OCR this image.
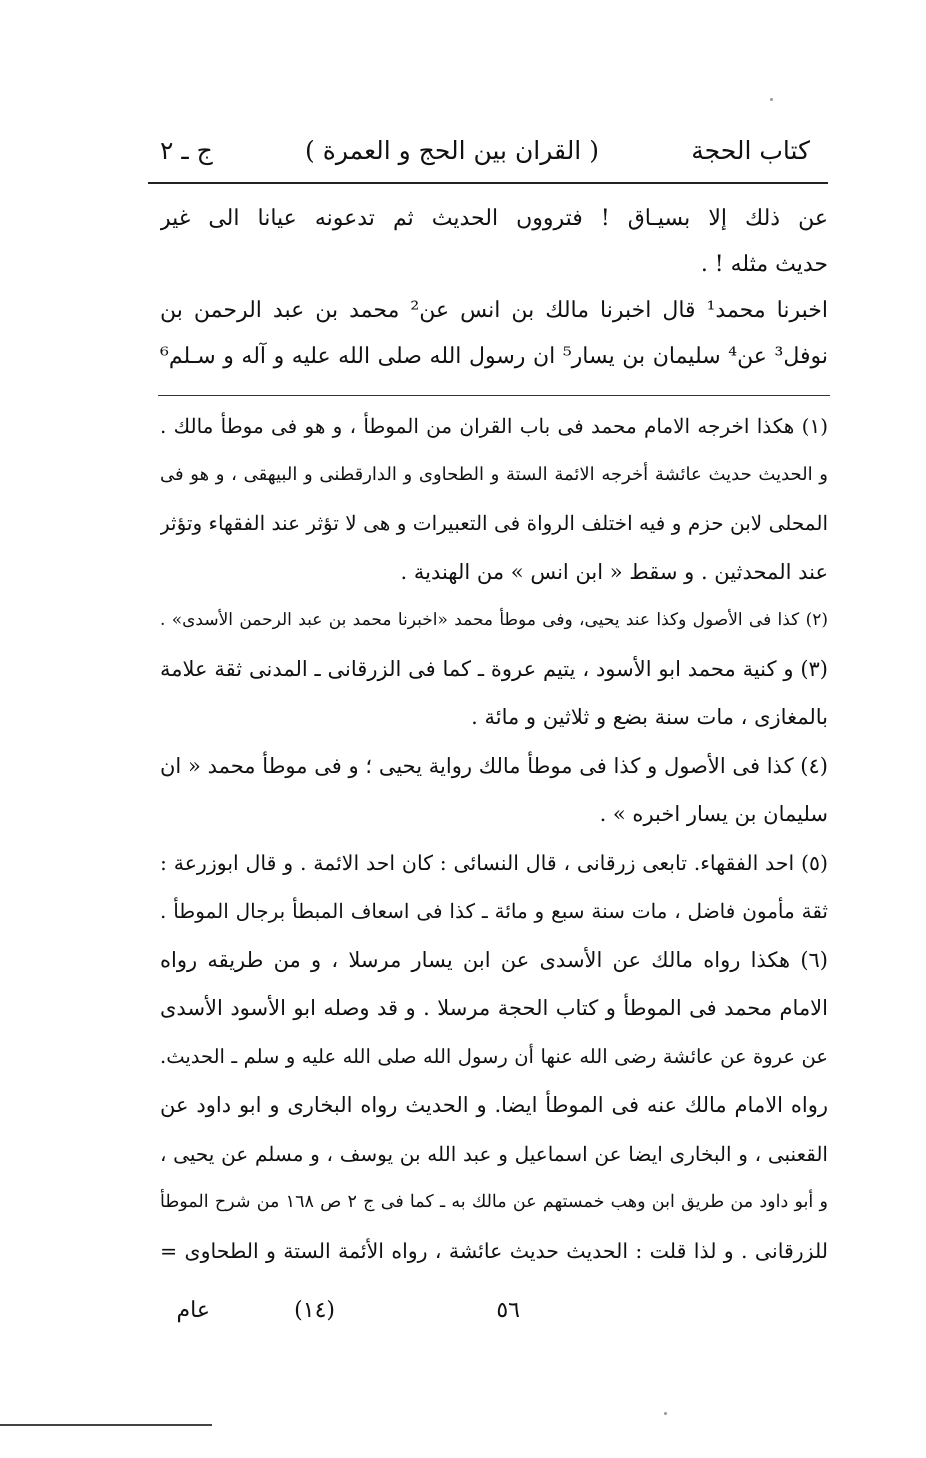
كتاب الحجة
( القران بين الحج و العمرة )
ج ـ ٢
عن ذلك إلا بسيـاق ! فترووں الحديث ثم تدعونه عيانا الى غير
حديث مثله ! .
اخبرنا محمد¹ قال اخبرنا مالك بن انس عن² محمد بن عبد الرحمن بن
نوفل³ عن⁴ سليمان بن يسار⁵ ان رسول الله صلى الله عليه و آله و سـلم⁶
(١) هكذا اخرجه الامام محمد فى باب القران من الموطأ ، و هو فى موطأ مالك .
و الحديث حديث عائشة أخرجه الائمة الستة و الطحاوى و الدارقطنى و البيهقى ، و هو فى
المحلى لابن حزم و فيه اختلف الرواة فى التعبيرات و هى لا تؤثر عند الفقهاء وتؤثر
عند المحدثين . و سقط « ابن انس » من الهندية .
(٢) كذا فى الأصول وكذا عند يحيى، وفى موطأ محمد «اخبرنا محمد بن عبد الرحمن الأسدى» .
(٣) و كنية محمد ابو الأسود ، يتيم عروة ـ كما فى الزرقانى ـ المدنى ثقة علامة
بالمغازى ، مات سنة بضع و ثلاثين و مائة .
(٤) كذا فى الأصول و كذا فى موطأ مالك رواية يحيى ؛ و فى موطأ محمد « ان
سليمان بن يسار اخبره » .
(٥) احد الفقهاء. تابعى زرقانى ، قال النسائى : كان احد الائمة . و قال ابوزرعة :
ثقة مأمون فاضل ، مات سنة سبع و مائة ـ كذا فى اسعاف المبطأ برجال الموطأ .
(٦) هكذا رواه مالك عن الأسدى عن ابن يسار مرسلا ، و من طريقه رواه
الامام محمد فى الموطأ و كتاب الحجة مرسلا . و قد وصله ابو الأسود الأسدى
عن عروة عن عائشة رضى الله عنها أن رسول الله صلى الله عليه و سلم ـ الحديث.
رواه الامام مالك عنه فى الموطأ ايضا. و الحديث رواه البخارى و ابو داود عن
القعنبى ، و البخارى ايضا عن اسماعيل و عبد الله بن يوسف ، و مسلم عن يحيى ،
و أبو داود من طريق ابن وهب خمستهم عن مالك به ـ كما فى ج ٢ ص ١٦٨ من شرح الموطأ
للزرقانى . و لذا قلت : الحديث حديث عائشة ، رواه الأئمة الستة و الطحاوى =
٥٦
(١٤)
عام
